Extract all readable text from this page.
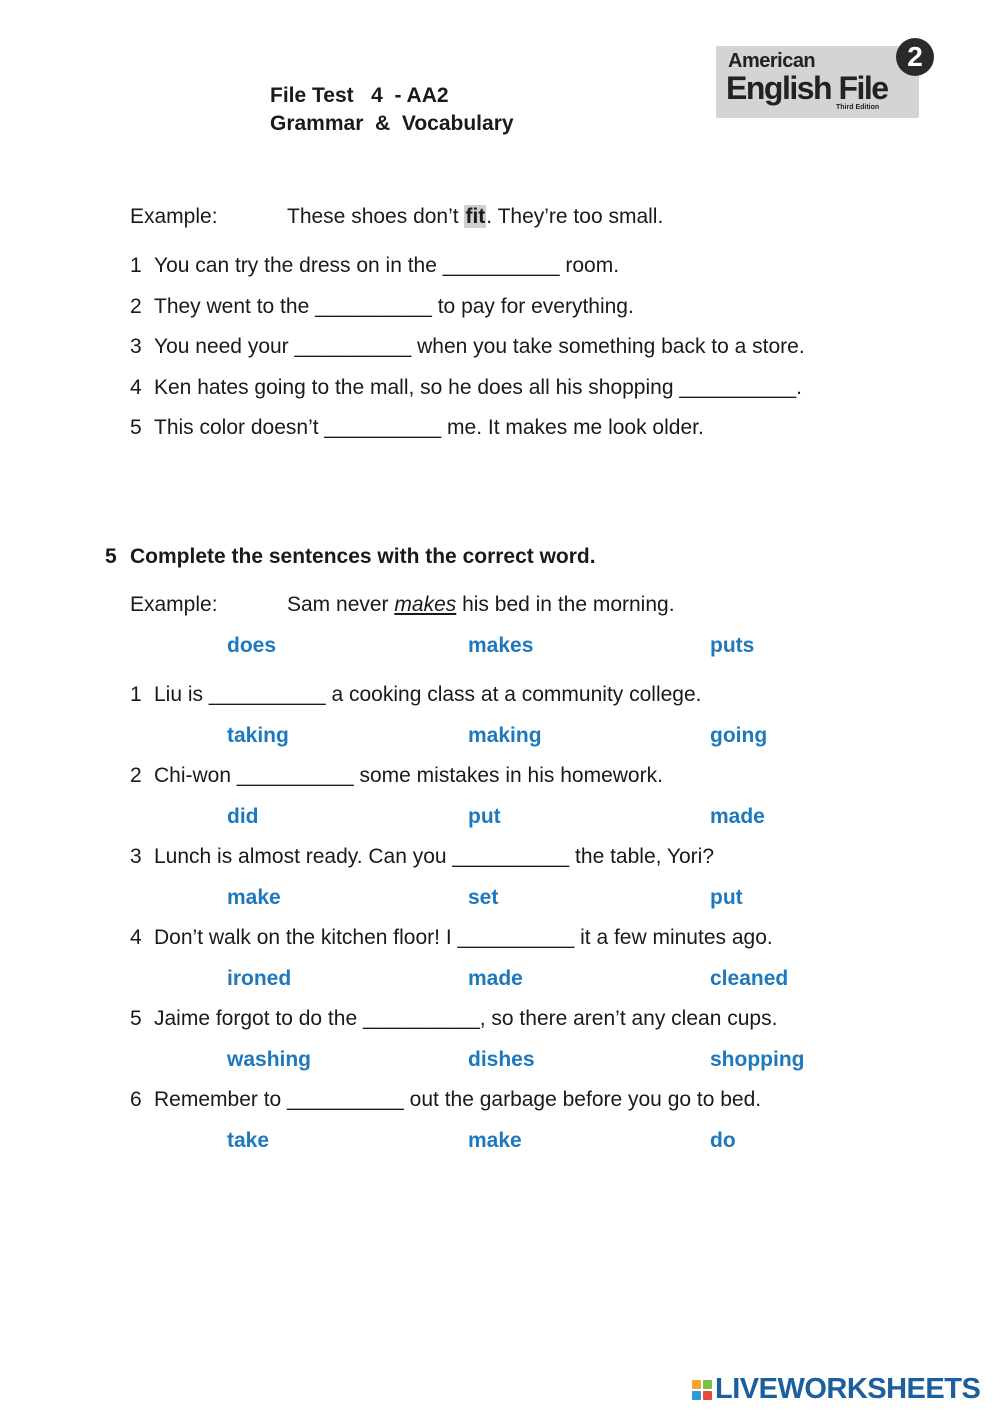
File Test   4  - AA2
Grammar  &  Vocabulary
American
English File
Third Edition
2
Example:	These shoes don’t fit. They’re too small.
1 You can try the dress on in the __________ room.
2 They went to the __________ to pay for everything.
3 You need your __________ when you take something back to a store.
4 Ken hates going to the mall, so he does all his shopping __________.
5 This color doesn’t __________ me. It makes me look older.
5 Complete the sentences with the correct word.
Example:	Sam never makes his bed in the morning.
does	makes	puts
1 Liu is __________ a cooking class at a community college.
taking	making	going
2 Chi-won __________ some mistakes in his homework.
did	put	made
3 Lunch is almost ready. Can you __________ the table, Yori?
make	set	put
4 Don’t walk on the kitchen floor! I __________ it a few minutes ago.
ironed	made	cleaned
5 Jaime forgot to do the __________, so there aren’t any clean cups.
washing	dishes	shopping
6 Remember to __________ out the garbage before you go to bed.
take	make	do
LIVEWORKSHEETS
